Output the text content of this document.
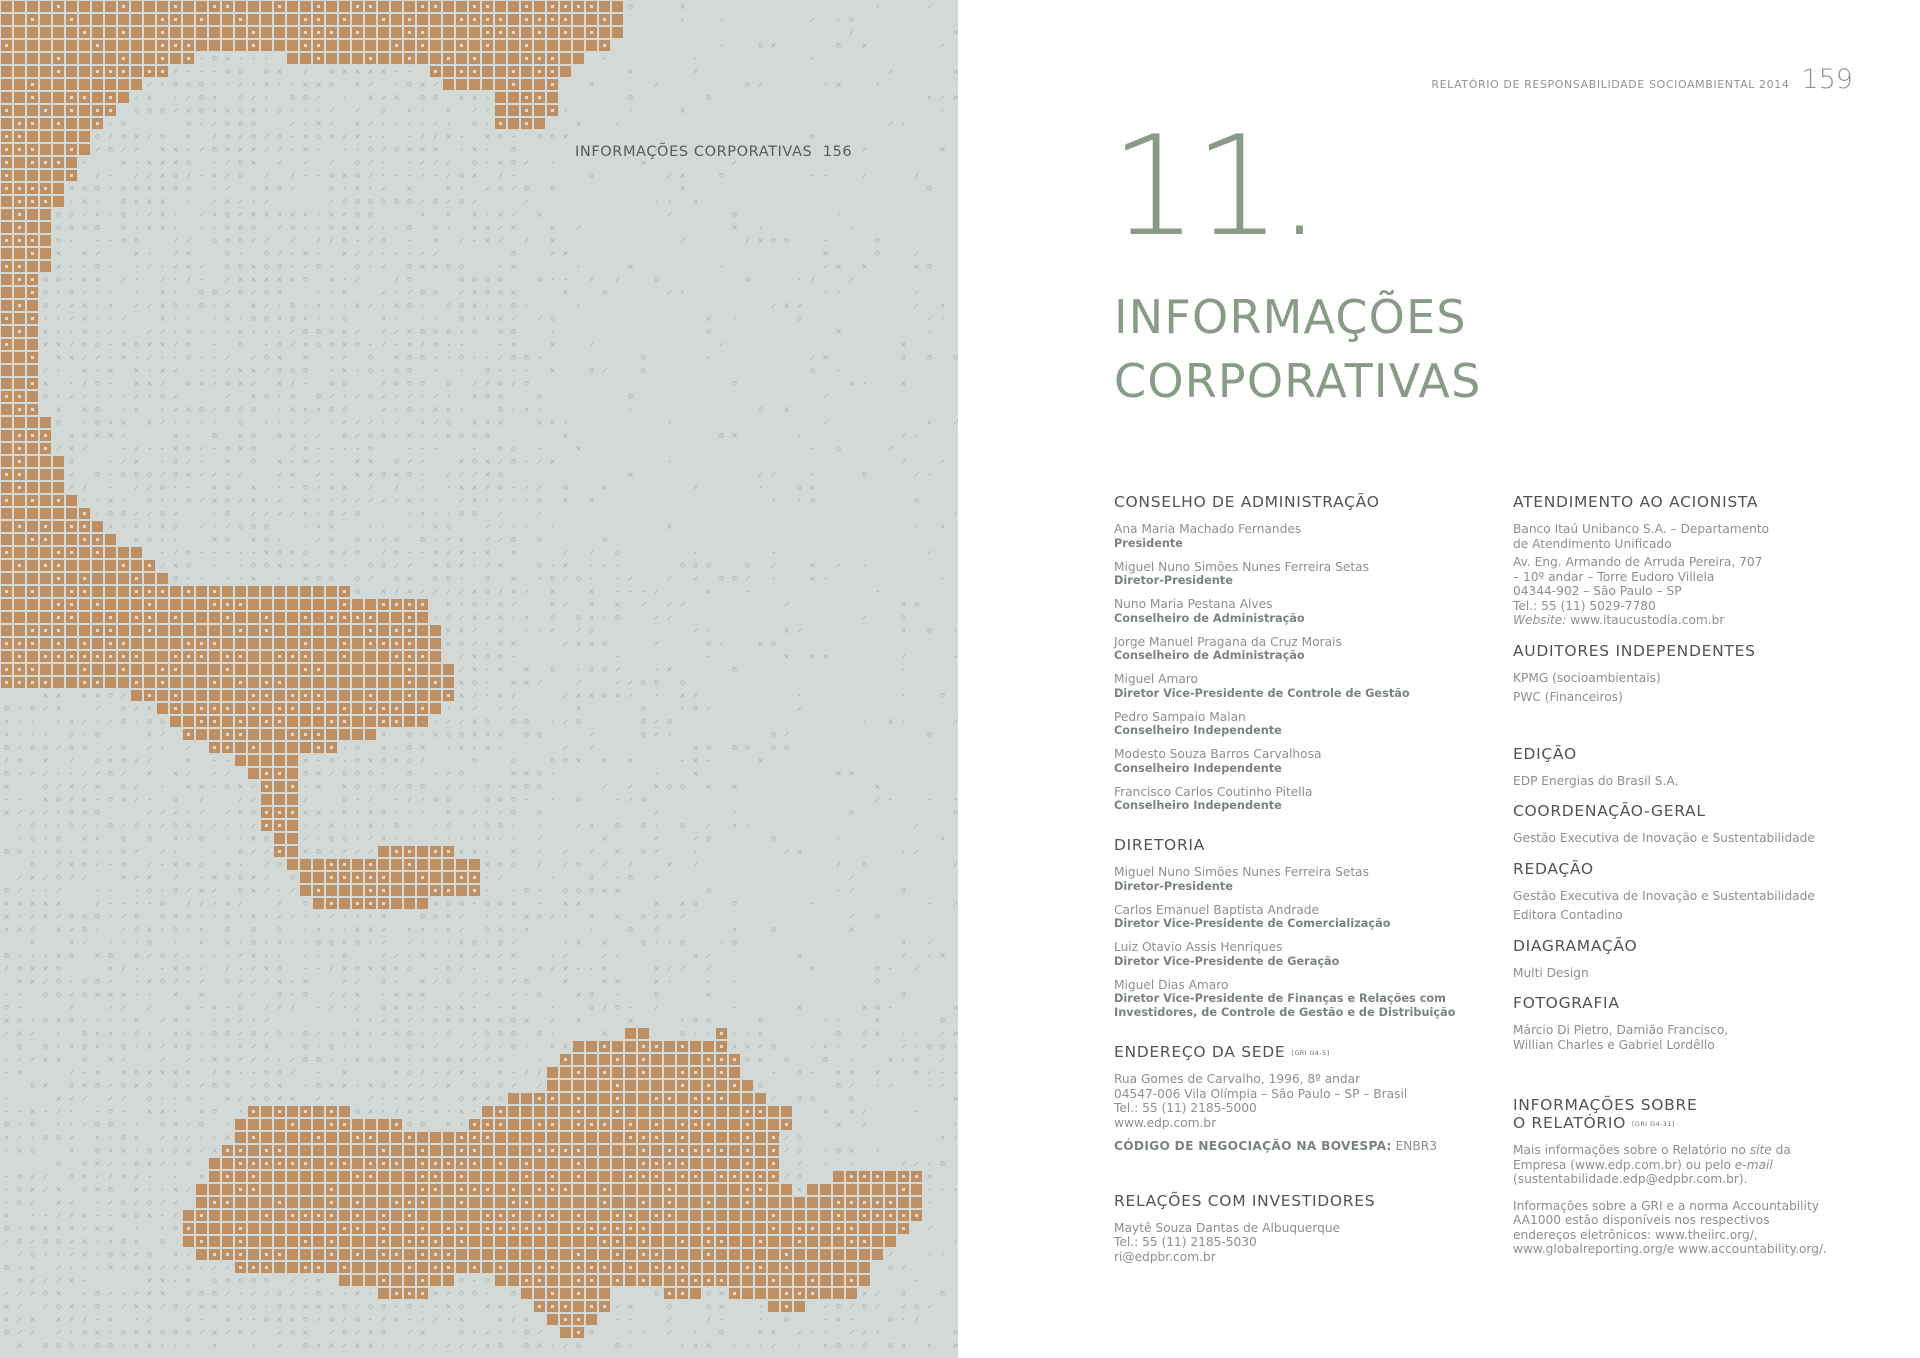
INFORMAÇÕES CORPORATIVAS 156
RELATÓRIO DE RESPONSABILIDADE SOCIOAMBIENTAL 2014 159
11.
INFORMAÇÕES
CORPORATIVAS
CONSELHO DE ADMINISTRAÇÃO

Ana Maria Machado Fernandes

Presidente

Miguel Nuno Simões Nunes Ferreira Setas

Diretor-Presidente

Nuno Maria Pestana Alves

Conselheiro de Administração

Jorge Manuel Pragana da Cruz Morais

Conselheiro de Administração

Miguel Amaro

Diretor Vice-Presidente de Controle de Gestão

Pedro Sampaio Malan

Conselheiro Independente

Modesto Souza Barros Carvalhosa

Conselheiro Independente

Francisco Carlos Coutinho Pitella

Conselheiro Independente

DIRETORIA

Miguel Nuno Simões Nunes Ferreira Setas

Diretor-Presidente

Carlos Emanuel Baptista Andrade

Diretor Vice-Presidente de Comercialização

Luiz Otavio Assis Henriques

Diretor Vice-Presidente de Geração

Miguel Dias Amaro

Diretor Vice-Presidente de Finanças e Relações com

Investidores, de Controle de Gestão e de Distribuição

ENDEREÇO DA SEDE [GRI G4-5]

Rua Gomes de Carvalho, 1996, 8º andar

04547-006 Vila Olímpia – São Paulo – SP – Brasil

Tel.: 55 (11) 2185-5000

www.edp.com.br

CÓDIGO DE NEGOCIAÇÃO NA BOVESPA: ENBR3

RELAÇÕES COM INVESTIDORES

Maytê Souza Dantas de Albuquerque

Tel.: 55 (11) 2185-5030

ri@edpbr.com.br

ATENDIMENTO AO ACIONISTA

Banco Itaú Unibanco S.A. – Departamento

de Atendimento Unificado

Av. Eng. Armando de Arruda Pereira, 707

– 10º andar – Torre Eudoro Villela

04344-902 – São Paulo – SP

Tel.: 55 (11) 5029-7780

Website: www.itaucustodia.com.br

AUDITORES INDEPENDENTES

KPMG (socioambientais)

PWC (Financeiros)

EDIÇÃO

EDP Energias do Brasil S.A.

COORDENAÇÃO-GERAL

Gestão Executiva de Inovação e Sustentabilidade

REDAÇÃO

Gestão Executiva de Inovação e Sustentabilidade

Editora Contadino

DIAGRAMAÇÃO

Multi Design

FOTOGRAFIA

Márcio Di Pietro, Damião Francisco,

Willian Charles e Gabriel Lordêllo

INFORMAÇÕES SOBRE
O RELATÓRIO [GRI G4-31]

Mais informações sobre o Relatório no site da

Empresa (www.edp.com.br) ou pelo e-mail

(sustentabilidade.edp@edpbr.com.br).

Informações sobre a GRI e a norma Accountability

AA1000 estão disponíveis nos respectivos

endereços eletrônicos: www.theiirc.org/,

www.globalreporting.org/e www.accountability.org/.
